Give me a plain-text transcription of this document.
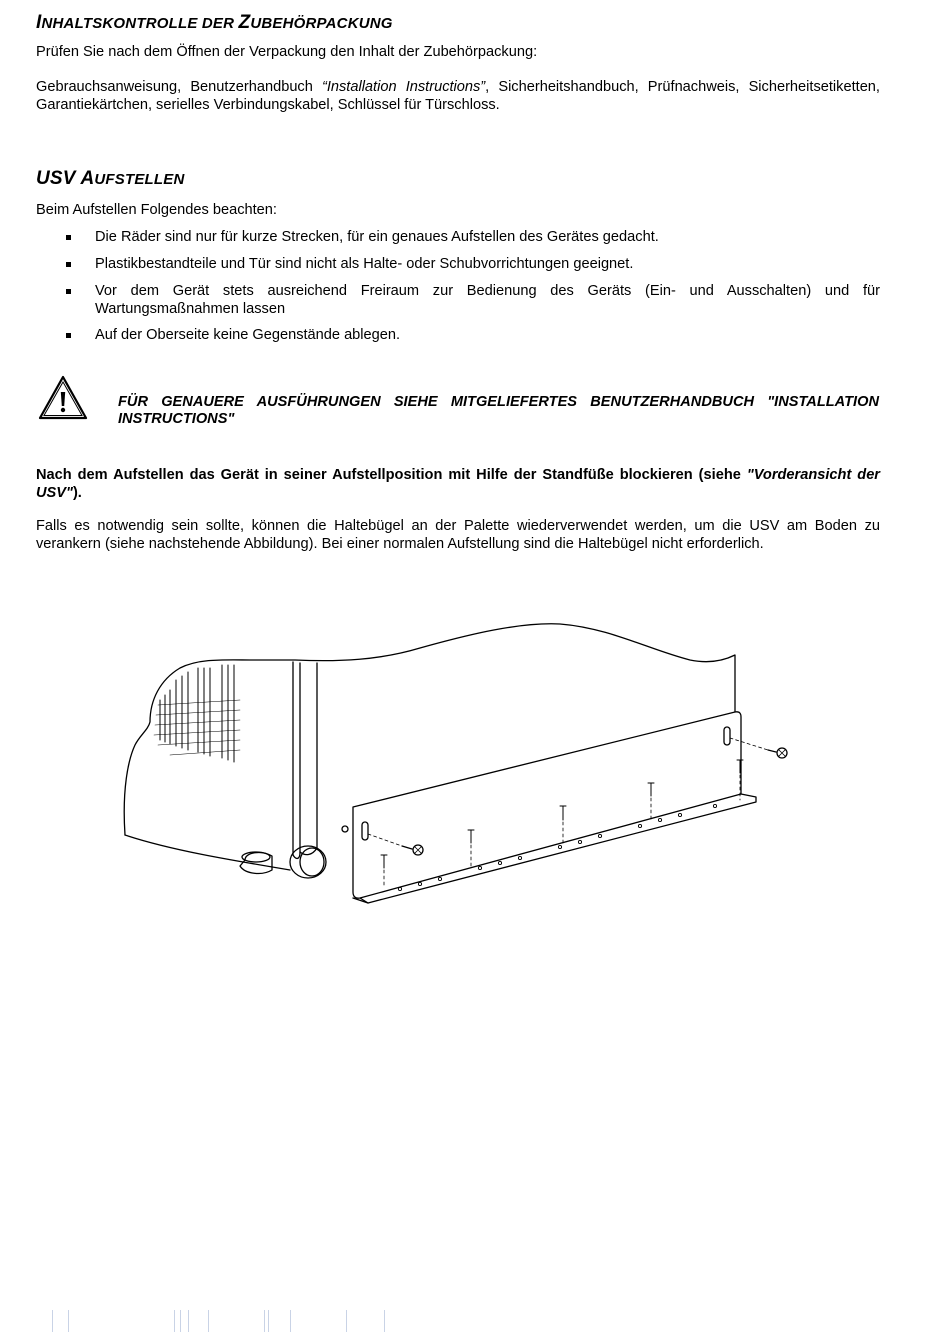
INHALTSKONTROLLE DER ZUBEHÖRPACKUNG

Prüfen Sie nach dem Öffnen der Verpackung den Inhalt der Zubehörpackung:

Gebrauchsanweisung, Benutzerhandbuch “Installation Instructions”, Sicherheitshandbuch, Prüfnachweis, Sicherheitsetiketten, Garantiekärtchen, serielles Verbindungskabel, Schlüssel für Türschloss.

USV AUFSTELLEN

Beim Aufstellen Folgendes beachten:

Die Räder sind nur für kurze Strecken, für ein genaues Aufstellen des Gerätes gedacht.
Plastikbestandteile und Tür sind nicht als Halte- oder Schubvorrichtungen geeignet.
Vor dem Gerät stets ausreichend Freiraum zur Bedienung des Geräts (Ein- und Ausschalten) und für Wartungsmaßnahmen lassen
Auf der Oberseite keine Gegenstände ablegen.

FÜR GENAUERE AUSFÜHRUNGEN SIEHE MITGELIEFERTES BENUTZERHANDBUCH "INSTALLATION INSTRUCTIONS"

Nach dem Aufstellen das Gerät in seiner Aufstellposition mit Hilfe der Standfüße blockieren (siehe "Vorderansicht der USV").

Falls es notwendig sein sollte, können die Haltebügel an der Palette wiederverwendet werden, um die USV am Boden zu verankern (siehe nachstehende Abbildung). Bei einer normalen Aufstellung sind die Haltebügel nicht erforderlich.
